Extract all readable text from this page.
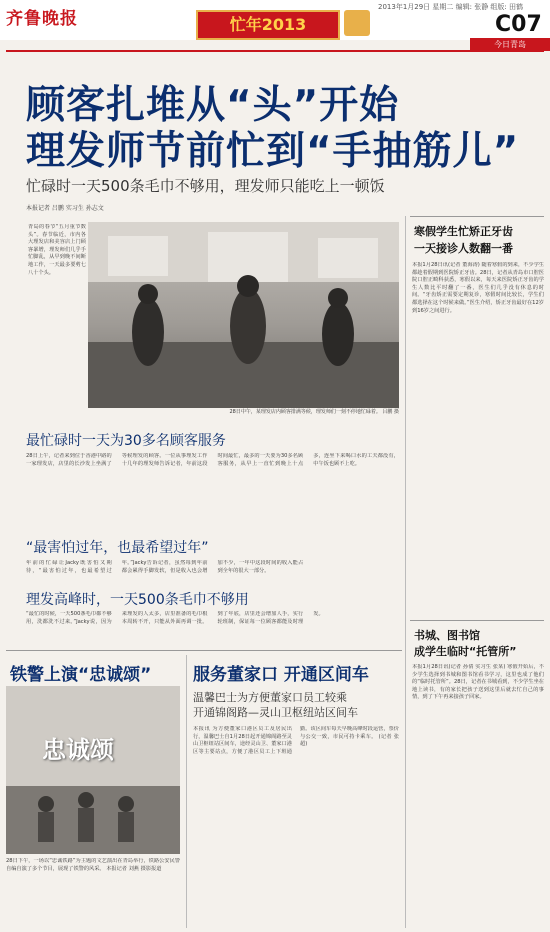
齐鲁晚报	忙年2013
2013年1月29日 星期二 编辑: 张静 组版: 田鹤
C07
今日青岛
顾客扎堆从“头”开始
理发师节前忙到“手抽筋儿”
忙碌时一天500条毛巾不够用，理发师只能吃上一顿饭
本报记者 吕鹏 实习生 孙志文
青岛的春节“五月重节数头”。春节临近，市内各大理发店和美容店上门顾客暴增，理发师们几乎手忙脚乱，从早到晚不间断地工作，一天最多要剪七八十个头。
28日中午，某理发店内顾客排满等候，理发师们一刻不停地忙碌着。 吕鹏 摄
最忙碌时一天为30多名顾客服务
28日上午，记者来到位于香港中路的一家理发店，店里的长沙发上坐满了等候理发的顾客。一位从事理发工作十几年的理发师告诉记者，年前这段时间最忙，最多的一天要为30多名顾客服务，从早上一直忙到晚上十点多，连坐下来喝口水的工夫都没有，中午饭也顾不上吃。
“最害怕过年，也最希望过年”
年前的忙碌让Jacky既害怕又期待，“最害怕过年，也最希望过年。”Jacky告诉记者，虽然每到年前都会累得手脚发软，但是收入也会增加不少，一年中这段时间的收入能占到全年的很大一部分。
理发高峰时，一天500条毛巾不够用
“最忙的时候，一天500条毛巾都不够用，洗都洗不过来。”Jacky说，因为来理发的人太多，店里准备的毛巾根本周转不开，只能从外面再调一批。到了年底，店里还会增加人手，实行轮班制，保证每一位顾客都能及时理发。
寒假学生忙矫正牙齿
一天接诊人数翻一番
本报1月28日讯(记者 董海涛) 随着寒假的到来，不少学生都趁着假期到医院矫正牙齿。28日，记者从青岛市口腔医院口腔正畸科获悉，寒假以来，每天来医院矫正牙齿的学生人数比平时翻了一番，医生们几乎没有休息的时间。“牙齿矫正需要定期复诊，寒假时间比较长，学生们都选择在这个时候来做。”医生介绍，矫正牙齿最好在12岁到16岁之间进行。
书城、图书馆
成学生临时“托管所”
本报1月28日讯(记者 孙倩 实习生 张某) 寒假开始后，不少学生选择到书城和图书馆看书学习，这里也成了他们的“临时托管所”。28日，记者在书城看到，不少学生坐在地上读书，有的家长把孩子送到这里后就去忙自己的事情，到了下午再来接孩子回家。
铁警上演“忠诚颂”
忠诚颂
28日下午，一场以“忠诚铁路”为主题的文艺演出在青岛举行，铁路公安民警自编自演了多个节目，展现了铁警的风采。 本报记者 刘燕 摄影报道
服务董家口 开通区间车
温馨巴士为方便董家口员工较乘
开通锦阁路—灵山卫枢纽站区间车
本报讯 为方便董家口港区员工及居民出行，温馨巴士自1月28日起开通锦阁路至灵山卫枢纽站区间车，途经灵山卫、董家口港区等主要站点，方便了港区员工上下班通勤。该区间车每天早晚高峰时段运营，票价与公交一致，市民可持卡乘车。 (记者 张超)
